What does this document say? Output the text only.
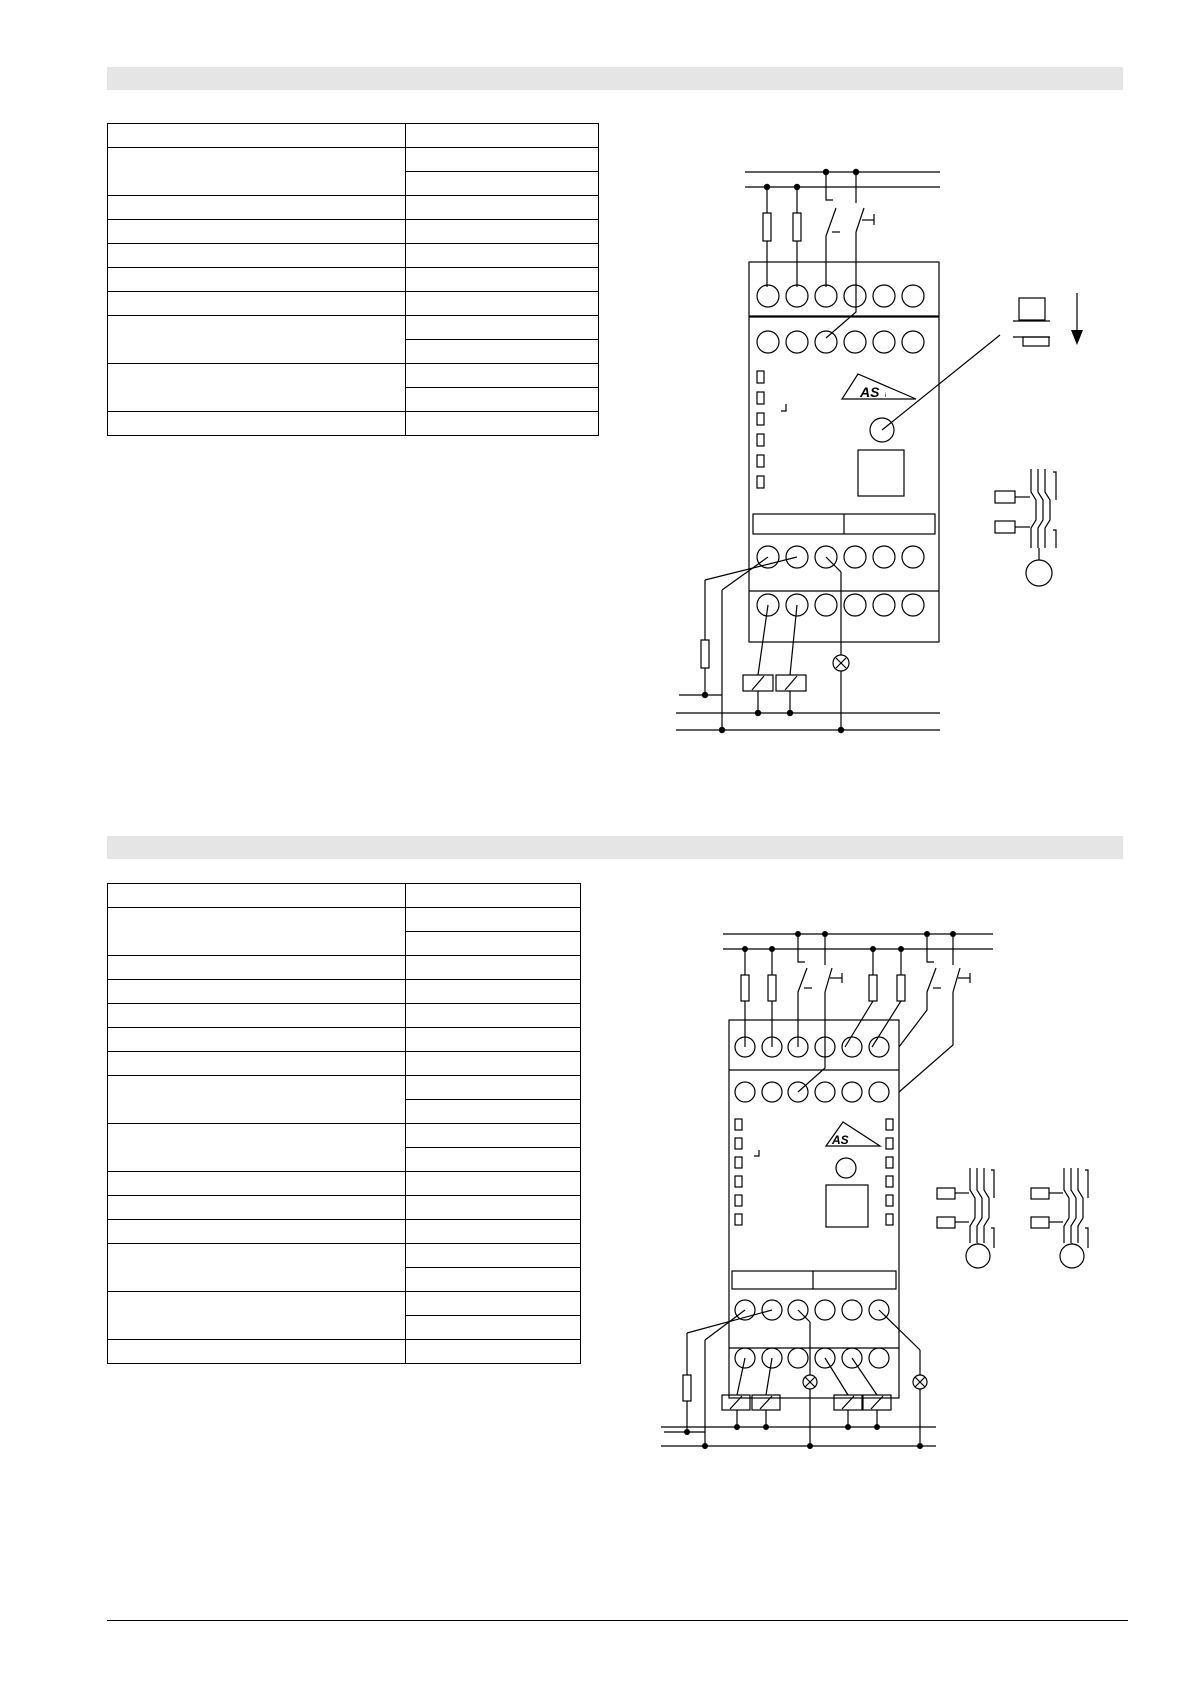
AS i

AS
